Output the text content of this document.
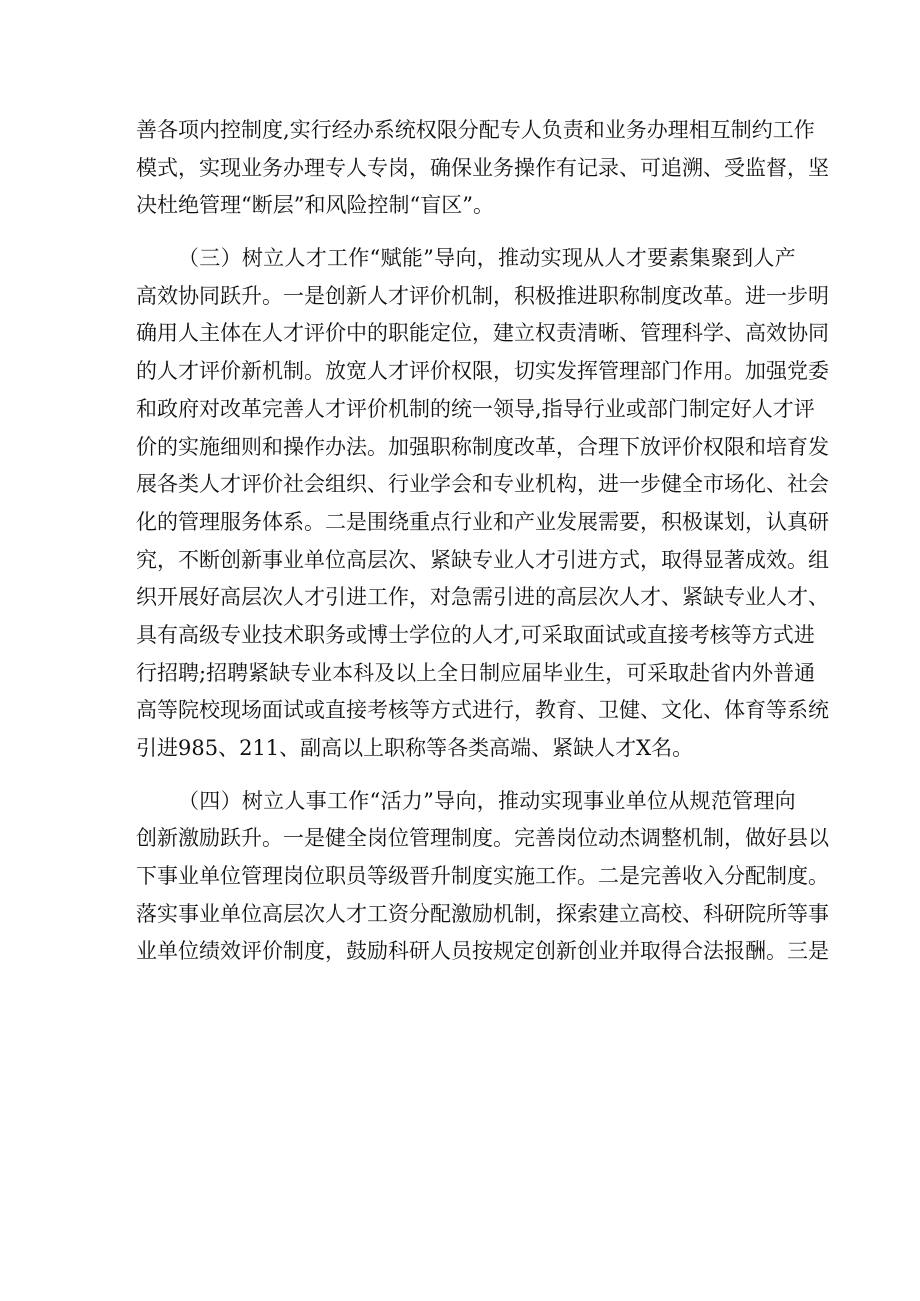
善 各 项 内 控 制 度 , 实 行 经 办 系 统 权 限 分 配 专 人 负 责 和 业 务 办 理 相 互 制 约 工 作
模 式 ， 实 现 业 务 办 理 专 人 专 岗 ， 确 保 业 务 操 作 有 记 录 、 可 追 溯 、 受 监 督 ， 坚
决杜绝管理“断层”和风险控制“盲区”。
（ 三 ） 树 立 人 才 工 作 “ 赋 能 ” 导 向 ， 推 动 实 现 从 人 才 要 素 集 聚 到 人 产
高 效 协 同 跃 升 。 一 是 创 新 人 才 评 价 机 制 ， 积 极 推 进 职 称 制 度 改 革 。 进 一 步 明
确 用 人 主 体 在 人 才 评 价 中 的 职 能 定 位 ， 建 立 权 责 清 晰 、 管 理 科 学 、 高 效 协 同
的 人 才 评 价 新 机 制 。 放 宽 人 才 评 价 权 限 ， 切 实 发 挥 管 理 部 门 作 用 。 加 强 党 委
和 政 府 对 改 革 完 善 人 才 评 价 机 制 的 统 一 领 导 , 指 导 行 业 或 部 门 制 定 好 人 才 评
价 的 实 施 细 则 和 操 作 办 法 。 加 强 职 称 制 度 改 革 ， 合 理 下 放 评 价 权 限 和 培 育 发
展 各 类 人 才 评 价 社 会 组 织 、 行 业 学 会 和 专 业 机 构 ， 进 一 步 健 全 市 场 化 、 社 会
化 的 管 理 服 务 体 系 。 二 是 围 绕 重 点 行 业 和 产 业 发 展 需 要 ， 积 极 谋 划 ， 认 真 研
究 ， 不 断 创 新 事 业 单 位 高 层 次 、 紧 缺 专 业 人 才 引 进 方 式 ， 取 得 显 著 成 效 。 组
织 开 展 好 高 层 次 人 才 引 进 工 作 ， 对 急 需 引 进 的 高 层 次 人 才 、 紧 缺 专 业 人 才 、
具 有 高 级 专 业 技 术 职 务 或 博 士 学 位 的 人 才 , 可 采 取 面 试 或 直 接 考 核 等 方 式 进
行 招 聘 ; 招 聘 紧 缺 专 业 本 科 及 以 上 全 日 制 应 届 毕 业 生 ， 可 采 取 赴 省 内 外 普 通
高 等 院 校 现 场 面 试 或 直 接 考 核 等 方 式 进 行 ， 教 育 、 卫 健 、 文 化 、 体 育 等 系 统
引进985、211、副高以上职称等各类高端、紧缺人才X名。
（ 四 ） 树 立 人 事 工 作 “ 活 力 ” 导 向 ， 推 动 实 现 事 业 单 位 从 规 范 管 理 向
创 新 激 励 跃 升 。 一 是 健 全 岗 位 管 理 制 度 。 完 善 岗 位 动 杰 调 整 机 制 ， 做 好 县 以
下 事 业 单 位 管 理 岗 位 职 员 等 级 晋 升 制 度 实 施 工 作 。 二 是 完 善 收 入 分 配 制 度 。
落 实 事 业 单 位 高 层 次 人 才 工 资 分 配 激 励 机 制 ， 探 索 建 立 高 校 、 科 研 院 所 等 事
业 单 位 绩 效 评 价 制 度 ， 鼓 励 科 研 人 员 按 规 定 创 新 创 业 并 取 得 合 法 报 酬 。 三 是
